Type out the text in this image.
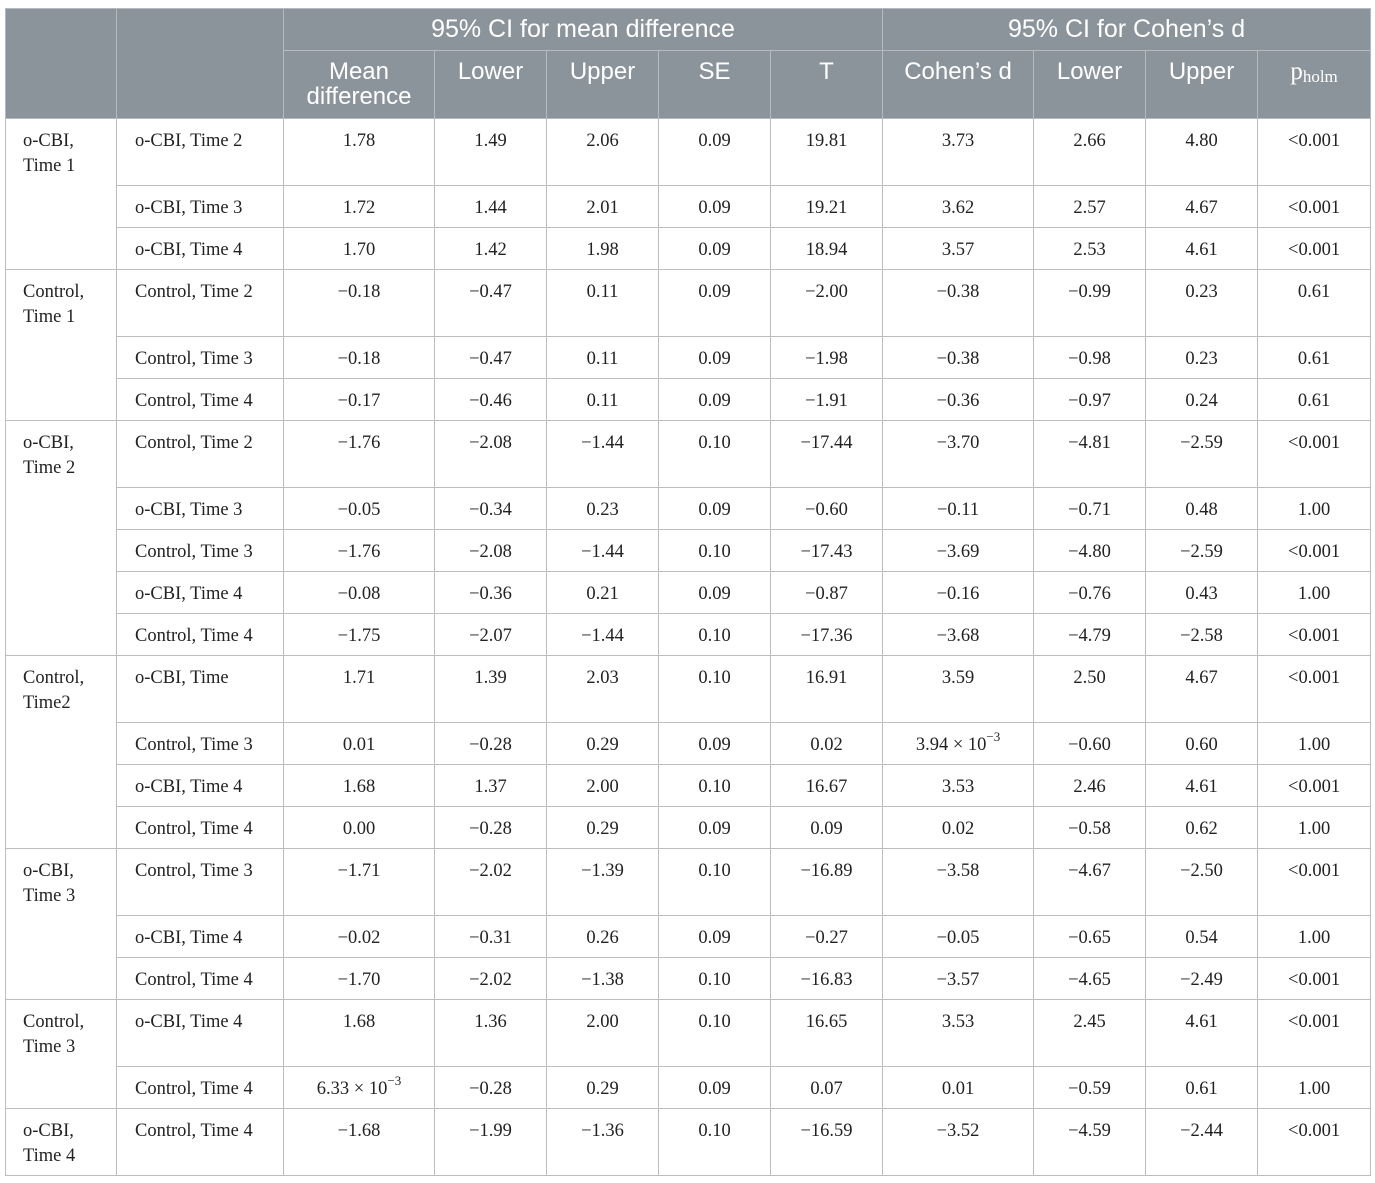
		95% CI for mean difference					95% CI for Cohen’s d			
		Mean difference	Lower	Upper	SE	T	Cohen’s d	Lower	Upper	pholm
o-CBI, Time 1	o-CBI, Time 2	1.78	1.49	2.06	0.09	19.81	3.73	2.66	4.80	<0.001
	o-CBI, Time 3	1.72	1.44	2.01	0.09	19.21	3.62	2.57	4.67	<0.001
	o-CBI, Time 4	1.70	1.42	1.98	0.09	18.94	3.57	2.53	4.61	<0.001
Control, Time 1	Control, Time 2	−0.18	−0.47	0.11	0.09	−2.00	−0.38	−0.99	0.23	0.61
	Control, Time 3	−0.18	−0.47	0.11	0.09	−1.98	−0.38	−0.98	0.23	0.61
	Control, Time 4	−0.17	−0.46	0.11	0.09	−1.91	−0.36	−0.97	0.24	0.61
o-CBI, Time 2	Control, Time 2	−1.76	−2.08	−1.44	0.10	−17.44	−3.70	−4.81	−2.59	<0.001
	o-CBI, Time 3	−0.05	−0.34	0.23	0.09	−0.60	−0.11	−0.71	0.48	1.00
	Control, Time 3	−1.76	−2.08	−1.44	0.10	−17.43	−3.69	−4.80	−2.59	<0.001
	o-CBI, Time 4	−0.08	−0.36	0.21	0.09	−0.87	−0.16	−0.76	0.43	1.00
	Control, Time 4	−1.75	−2.07	−1.44	0.10	−17.36	−3.68	−4.79	−2.58	<0.001
Control, Time2	o-CBI, Time	1.71	1.39	2.03	0.10	16.91	3.59	2.50	4.67	<0.001
	Control, Time 3	0.01	−0.28	0.29	0.09	0.02	$3.94 \times 10^{-3}$	−0.60	0.60	1.00
	o-CBI, Time 4	1.68	1.37	2.00	0.10	16.67	3.53	2.46	4.61	<0.001
	Control, Time 4	0.00	−0.28	0.29	0.09	0.09	0.02	−0.58	0.62	1.00
o-CBI, Time 3	Control, Time 3	−1.71	−2.02	−1.39	0.10	−16.89	−3.58	−4.67	−2.50	<0.001
	o-CBI, Time 4	−0.02	−0.31	0.26	0.09	−0.27	−0.05	−0.65	0.54	1.00
	Control, Time 4	−1.70	−2.02	−1.38	0.10	−16.83	−3.57	−4.65	−2.49	<0.001
Control, Time 3	o-CBI, Time 4	1.68	1.36	2.00	0.10	16.65	3.53	2.45	4.61	<0.001
	Control, Time 4	$6.33 \times 10^{-3}$	−0.28	0.29	0.09	0.07	0.01	−0.59	0.61	1.00
o-CBI, Time 4	Control, Time 4	−1.68	−1.99	−1.36	0.10	−16.59	−3.52	−4.59	−2.44	<0.001
